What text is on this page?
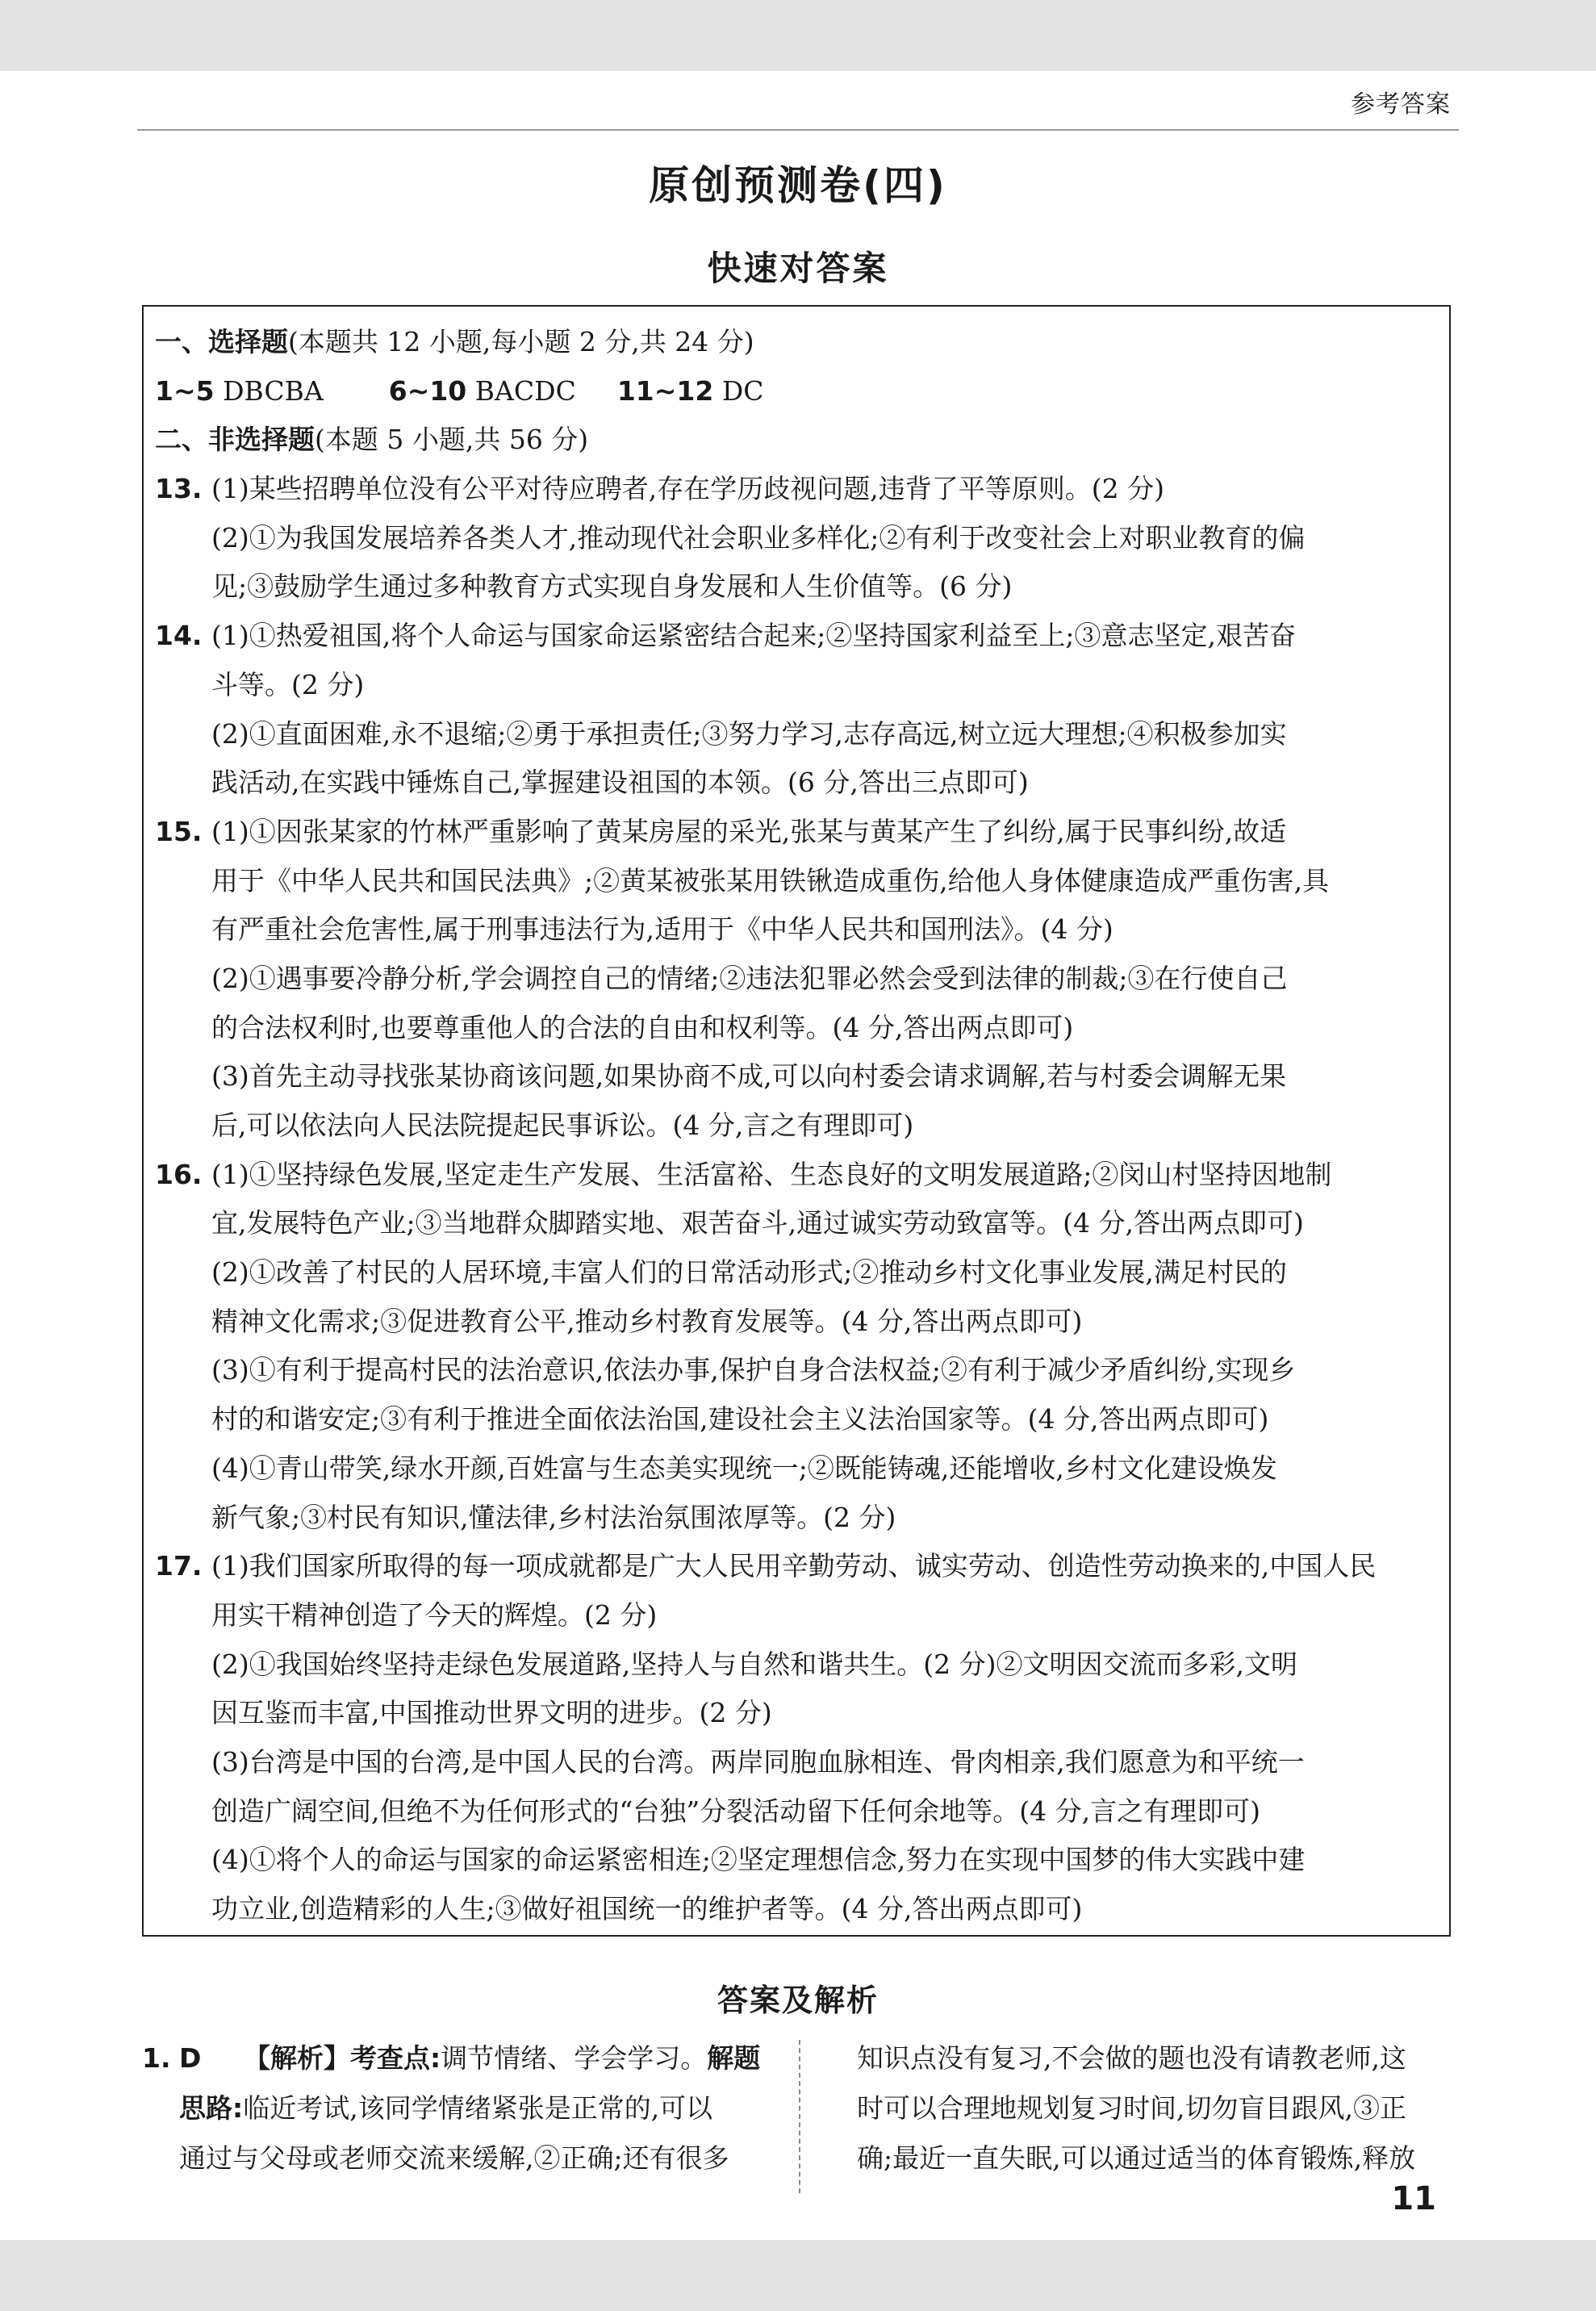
参考答案
原创预测卷(四)
快速对答案
一、选择题(本题共 12 小题,每小题 2 分,共 24 分)
1~5 DBCBA 6~10 BACDC 11~12 DC
二、非选择题(本题 5 小题,共 56 分)
13. (1)某些招聘单位没有公平对待应聘者,存在学历歧视问题,违背了平等原则。(2 分)
(2)①为我国发展培养各类人才,推动现代社会职业多样化;②有利于改变社会上对职业教育的偏
见;③鼓励学生通过多种教育方式实现自身发展和人生价值等。(6 分)
14. (1)①热爱祖国,将个人命运与国家命运紧密结合起来;②坚持国家利益至上;③意志坚定,艰苦奋
斗等。(2 分)
(2)①直面困难,永不退缩;②勇于承担责任;③努力学习,志存高远,树立远大理想;④积极参加实
践活动,在实践中锤炼自己,掌握建设祖国的本领。(6 分,答出三点即可)
15. (1)①因张某家的竹林严重影响了黄某房屋的采光,张某与黄某产生了纠纷,属于民事纠纷,故适
用于《中华人民共和国民法典》;②黄某被张某用铁锹造成重伤,给他人身体健康造成严重伤害,具
有严重社会危害性,属于刑事违法行为,适用于《中华人民共和国刑法》。(4 分)
(2)①遇事要冷静分析,学会调控自己的情绪;②违法犯罪必然会受到法律的制裁;③在行使自己
的合法权利时,也要尊重他人的合法的自由和权利等。(4 分,答出两点即可)
(3)首先主动寻找张某协商该问题,如果协商不成,可以向村委会请求调解,若与村委会调解无果
后,可以依法向人民法院提起民事诉讼。(4 分,言之有理即可)
16. (1)①坚持绿色发展,坚定走生产发展、生活富裕、生态良好的文明发展道路;②闵山村坚持因地制
宜,发展特色产业;③当地群众脚踏实地、艰苦奋斗,通过诚实劳动致富等。(4 分,答出两点即可)
(2)①改善了村民的人居环境,丰富人们的日常活动形式;②推动乡村文化事业发展,满足村民的
精神文化需求;③促进教育公平,推动乡村教育发展等。(4 分,答出两点即可)
(3)①有利于提高村民的法治意识,依法办事,保护自身合法权益;②有利于减少矛盾纠纷,实现乡
村的和谐安定;③有利于推进全面依法治国,建设社会主义法治国家等。(4 分,答出两点即可)
(4)①青山带笑,绿水开颜,百姓富与生态美实现统一;②既能铸魂,还能增收,乡村文化建设焕发
新气象;③村民有知识,懂法律,乡村法治氛围浓厚等。(2 分)
17. (1)我们国家所取得的每一项成就都是广大人民用辛勤劳动、诚实劳动、创造性劳动换来的,中国人民
用实干精神创造了今天的辉煌。(2 分)
(2)①我国始终坚持走绿色发展道路,坚持人与自然和谐共生。(2 分)②文明因交流而多彩,文明
因互鉴而丰富,中国推动世界文明的进步。(2 分)
(3)台湾是中国的台湾,是中国人民的台湾。两岸同胞血脉相连、骨肉相亲,我们愿意为和平统一
创造广阔空间,但绝不为任何形式的“台独”分裂活动留下任何余地等。(4 分,言之有理即可)
(4)①将个人的命运与国家的命运紧密相连;②坚定理想信念,努力在实现中国梦的伟大实践中建
功立业,创造精彩的人生;③做好祖国统一的维护者等。(4 分,答出两点即可)
答案及解析
1. D 【解析】考查点:调节情绪、学会学习。解题
思路:临近考试,该同学情绪紧张是正常的,可以
通过与父母或老师交流来缓解,②正确;还有很多
知识点没有复习,不会做的题也没有请教老师,这
时可以合理地规划复习时间,切勿盲目跟风,③正
确;最近一直失眠,可以通过适当的体育锻炼,释放
11
